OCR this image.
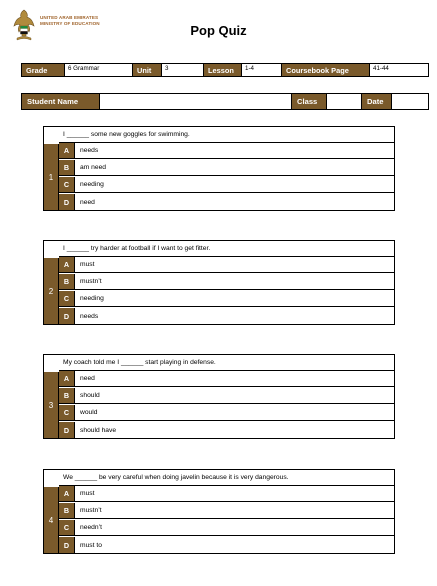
UNITED ARAB EMIRATES
MINISTRY OF EDUCATION	Pop Quiz
Grade	6 Grammar	Unit	3	Lesson	1-4	Coursebook Page	41-44
Student Name	Class	Date
1
I ______ some new goggles for swimming.
A	needs
B	am need
C	needing
D	need
2
I ______ try harder at football if I want to get fitter.
A	must
B	mustn’t
C	needing
D	needs
3
My coach told me I ______ start playing in defense.
A	need
B	should
C	would
D	should have
4
We ______ be very careful when doing javelin because it is very dangerous.
A	must
B	mustn’t
C	needn’t
D	must to
